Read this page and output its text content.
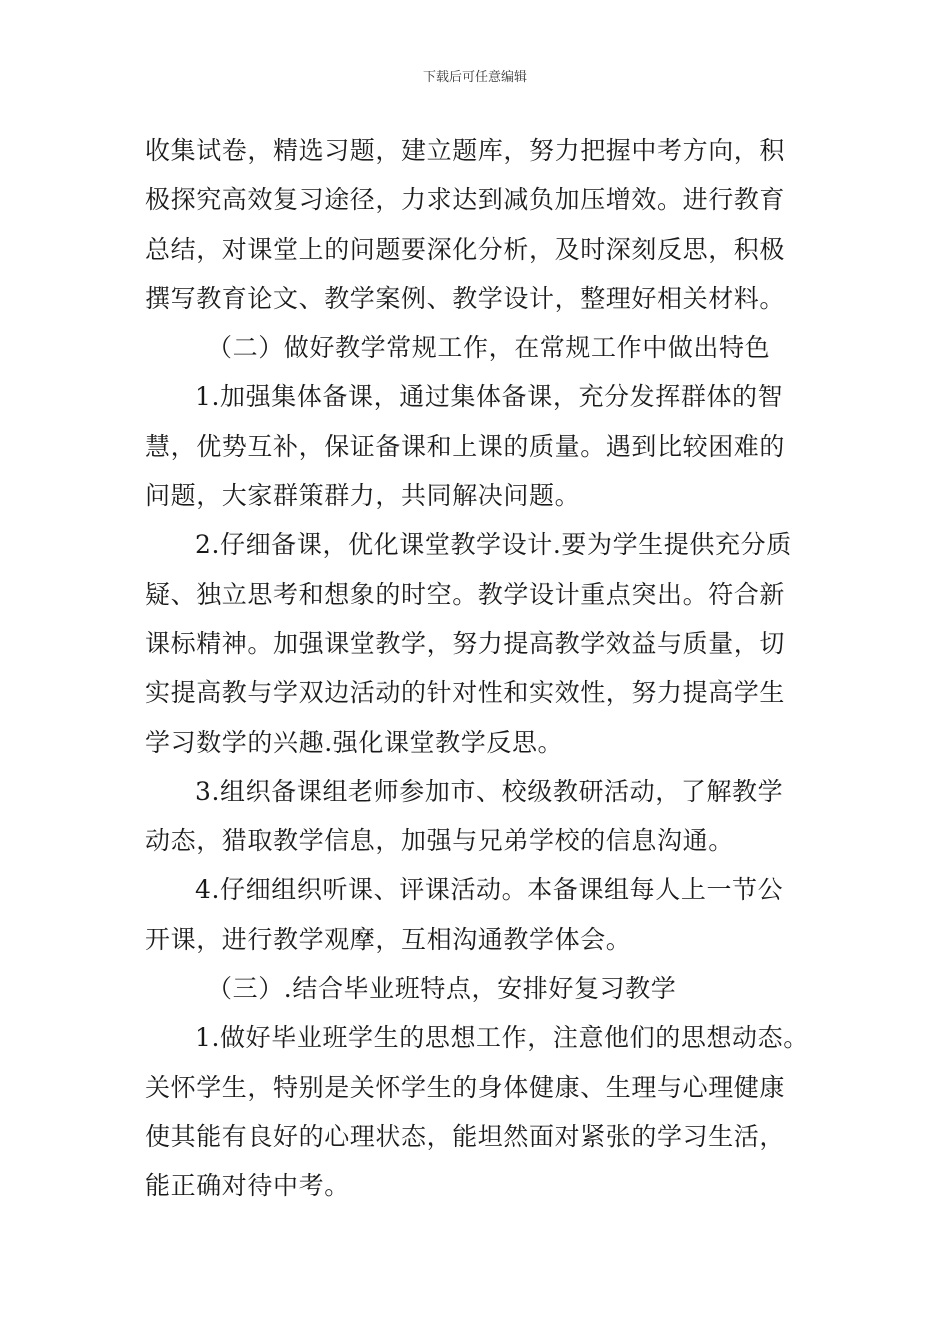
下载后可任意编辑
收集试卷，精选习题，建立题库，努力把握中考方向，积
极探究高效复习途径，力求达到减负加压增效。进行教育
总结，对课堂上的问题要深化分析，及时深刻反思，积极
撰写教育论文、教学案例、教学设计，整理好相关材料。
（二）做好教学常规工作，在常规工作中做出特色
1.加强集体备课，通过集体备课，充分发挥群体的智
慧，优势互补，保证备课和上课的质量。遇到比较困难的
问题，大家群策群力，共同解决问题。
2.仔细备课，优化课堂教学设计.要为学生提供充分质
疑、独立思考和想象的时空。教学设计重点突出。符合新
课标精神。加强课堂教学，努力提高教学效益与质量，切
实提高教与学双边活动的针对性和实效性，努力提高学生
学习数学的兴趣.强化课堂教学反思。
3.组织备课组老师参加市、校级教研活动，了解教学
动态，猎取教学信息，加强与兄弟学校的信息沟通。
4.仔细组织听课、评课活动。本备课组每人上一节公
开课，进行教学观摩，互相沟通教学体会。
（三）.结合毕业班特点，安排好复习教学
1.做好毕业班学生的思想工作，注意他们的思想动态。
关怀学生，特别是关怀学生的身体健康、生理与心理健康
使其能有良好的心理状态，能坦然面对紧张的学习生活，
能正确对待中考。
